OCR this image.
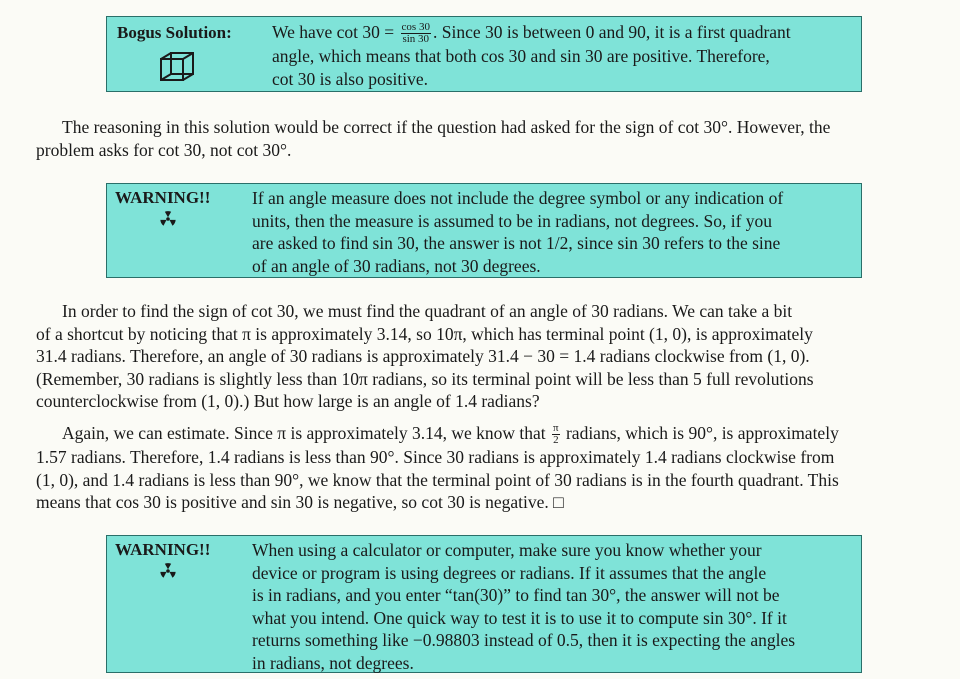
Bogus Solution: We have $\cot 30 = \frac{\cos 30}{\sin 30}$ . Since 30 is between 0 and 90, it is a first quadrant
angle, which means that both cos 30 and sin 30 are positive. Therefore,
cot 30 is also positive.
The reasoning in this solution would be correct if the question had asked for the sign of cot 30°. However, the
problem asks for cot 30, not cot 30°.
WARNING!! If an angle measure does not include the degree symbol or any indication of
units, then the measure is assumed to be in radians, not degrees. So, if you
are asked to find sin 30, the answer is not 1/2, since sin 30 refers to the sine
of an angle of 30 radians, not 30 degrees.
In order to find the sign of cot 30, we must find the quadrant of an angle of 30 radians. We can take a bit
of a shortcut by noticing that π is approximately 3.14, so 10π, which has terminal point (1, 0), is approximately
31.4 radians. Therefore, an angle of 30 radians is approximately 31.4 − 30 = 1.4 radians clockwise from (1, 0).
(Remember, 30 radians is slightly less than 10π radians, so its terminal point will be less than 5 full revolutions
counterclockwise from (1, 0).) But how large is an angle of 1.4 radians?
Again, we can estimate. Since π is approximately 3.14, we know that $\frac{\pi}{2}$ radians, which is 90°, is approximately
1.57 radians. Therefore, 1.4 radians is less than 90°. Since 30 radians is approximately 1.4 radians clockwise from
(1, 0), and 1.4 radians is less than 90°, we know that the terminal point of 30 radians is in the fourth quadrant. This
means that cos 30 is positive and sin 30 is negative, so cot 30 is negative. □
WARNING!! When using a calculator or computer, make sure you know whether your
device or program is using degrees or radians. If it assumes that the angle
is in radians, and you enter “tan(30)” to find tan 30°, the answer will not be
what you intend. One quick way to test it is to use it to compute sin 30°. If it
returns something like −0.98803 instead of 0.5, then it is expecting the angles
in radians, not degrees.
